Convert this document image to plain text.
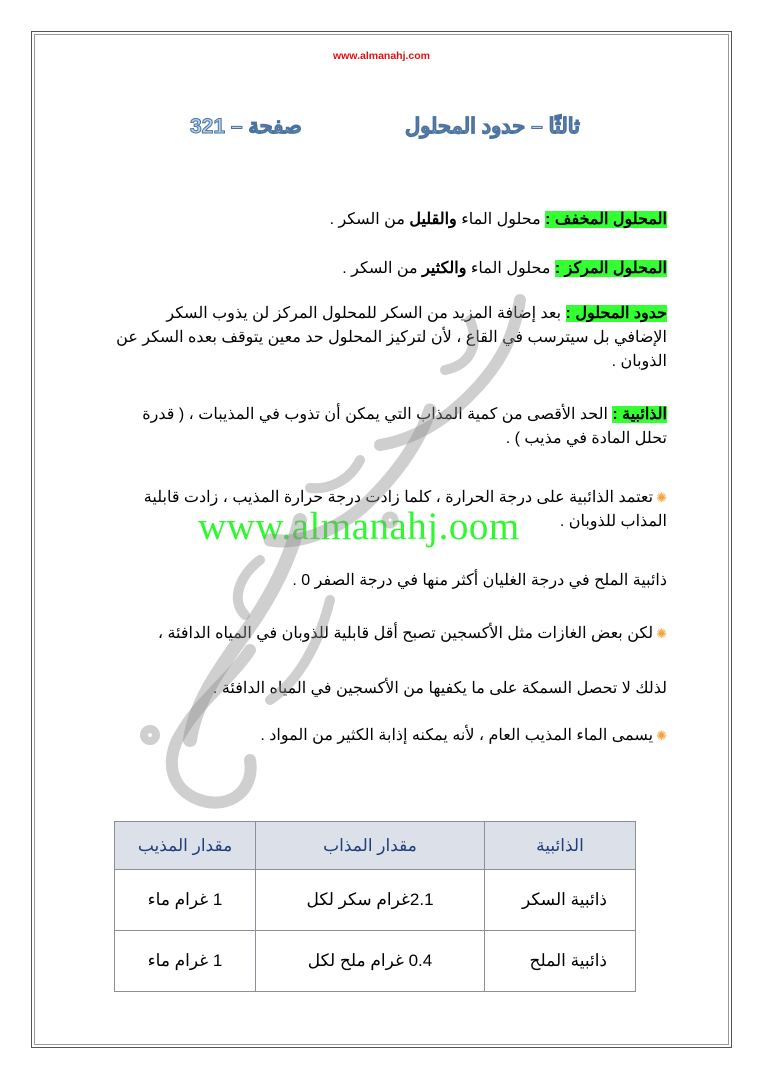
www.almanahj.com
ثالثًا – حدود المحلول
صفحة – 321
المحلول المخفف : محلول الماء والقليل من السكر .
المحلول المركز : محلول الماء والكثير من السكر .
حدود المحلول : بعد إضافة المزيد من السكر للمحلول المركز لن يذوب السكر الإضافي بل سيترسب في القاع ، لأن لتركيز المحلول حد معين يتوقف بعده السكر عن الذوبان .
الذائبية : الحد الأقصى من كمية المذاب التي يمكن أن تذوب في المذيبات ، ( قدرة تحلل المادة في مذيب ) .
✺تعتمد الذائبية على درجة الحرارة ، كلما زادت درجة حرارة المذيب ، زادت قابلية المذاب للذوبان .
ذائبية الملح في درجة الغليان أكثر منها في درجة الصفر 0 .
✺لكن بعض الغازات مثل الأكسجين تصبح أقل قابلية للذوبان في المياه الدافئة ،
لذلك لا تحصل السمكة على ما يكفيها من الأكسجين في المياه الدافئة .
✺يسمى الماء المذيب العام ، لأنه يمكنه إذابة الكثير من المواد .
www.almanahj.oom
الذائبية	مقدار المذاب	مقدار المذيب
ذائبية السكر	2.1غرام سكر لكل	1 غرام ماء
ذائبية الملح	0.4 غرام ملح لكل	1 غرام ماء
